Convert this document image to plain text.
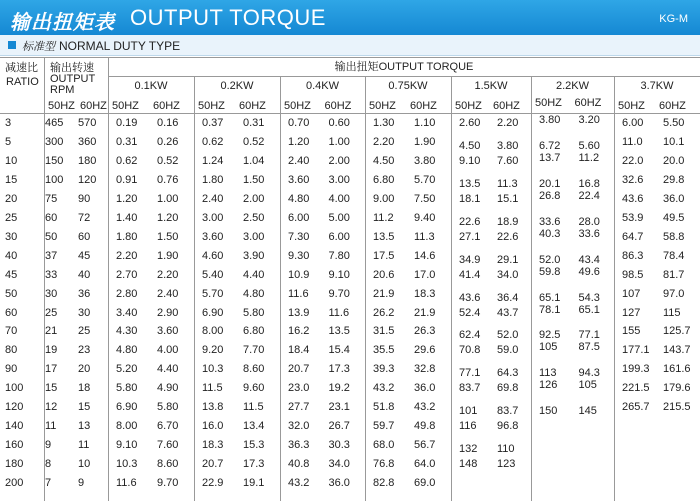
输出扭矩表 OUTPUT TORQUE	KG-M
标准型 NORMAL DUTY TYPE
减速比
RATIO
输出转速
OUTPUT
RPM
50HZ 60HZ
输出扭矩OUTPUT TORQUE
0.1KW
50HZ 60HZ
0.2KW
50HZ 60HZ
0.4KW
50HZ 60HZ
0.75KW
50HZ 60HZ
1.5KW
50HZ 60HZ
2.2KW
50HZ 60HZ
3.7KW
50HZ 60HZ
3	465 570 0.19 0.16 0.37 0.31 0.70 0.60 1.30 1.10 2.60 2.20 3.80 3.20 6.00 5.50
5	300 360 0.31 0.26 0.62 0.52 1.20 1.00 2.20 1.90 4.50 3.80 6.72 5.60 11.0 10.1
10	150 180 0.62 0.52 1.24 1.04 2.40 2.00 4.50 3.80 9.10 7.60 13.7 11.2 22.0 20.0
15	100 120 0.91 0.76 1.80 1.50 3.60 3.00 6.80 5.70 13.5 11.3 20.1 16.8 32.6 29.8
20	75 90 1.20 1.00 2.40 2.00 4.80 4.00 9.00 7.50 18.1 15.1 26.8 22.4 43.6 36.0
25	60 72 1.40 1.20 3.00 2.50 6.00 5.00 11.2 9.40 22.6 18.9 33.6 28.0 53.9 49.5
30	50 60 1.80 1.50 3.60 3.00 7.30 6.00 13.5 11.3 27.1 22.6 40.3 33.6 64.7 58.8
40	37 45 2.20 1.90 4.60 3.90 9.30 7.80 17.5 14.6 34.9 29.1 52.0 43.4 86.3 78.4
45	33 40 2.70 2.20 5.40 4.40 10.9 9.10 20.6 17.0 41.4 34.0 59.8 49.6 98.5 81.7
50	30 36 2.80 2.40 5.70 4.80 11.6 9.70 21.9 18.3 43.6 36.4 65.1 54.3 107 97.0
60	25 30 3.40 2.90 6.90 5.80 13.9 11.6 26.2 21.9 52.4 43.7 78.1 65.1 127 115
70	21 25 4.30 3.60 8.00 6.80 16.2 13.5 31.5 26.3 62.4 52.0 92.5 77.1 155 125.7
80	19 23 4.80 4.00 9.20 7.70 18.4 15.4 35.5 29.6 70.8 59.0 105 87.5 177.1 143.7
90	17 20 5.20 4.40 10.3 8.60 20.7 17.3 39.3 32.8 77.1 64.3 113 94.3 199.3 161.6
100 15 18 5.80 4.90 11.5 9.60 23.0 19.2 43.2 36.0 83.7 69.8 126 105 221.5 179.6
120 12 15 6.90 5.80 13.8 11.5 27.7 23.1 51.8 43.2 101 83.7 150 145 265.7 215.5
140 11 13 8.00 6.70 16.0 13.4 32.0 26.7 59.7 49.8 116 96.8
160 9 11 9.10 7.60 18.3 15.3 36.3 30.3 68.0 56.7 132 110
180 8 10 10.3 8.60 20.7 17.3 40.8 34.0 76.8 64.0 148 123
200 7 9	11.6 9.70 22.9 19.1 43.2 36.0 82.8 69.0
